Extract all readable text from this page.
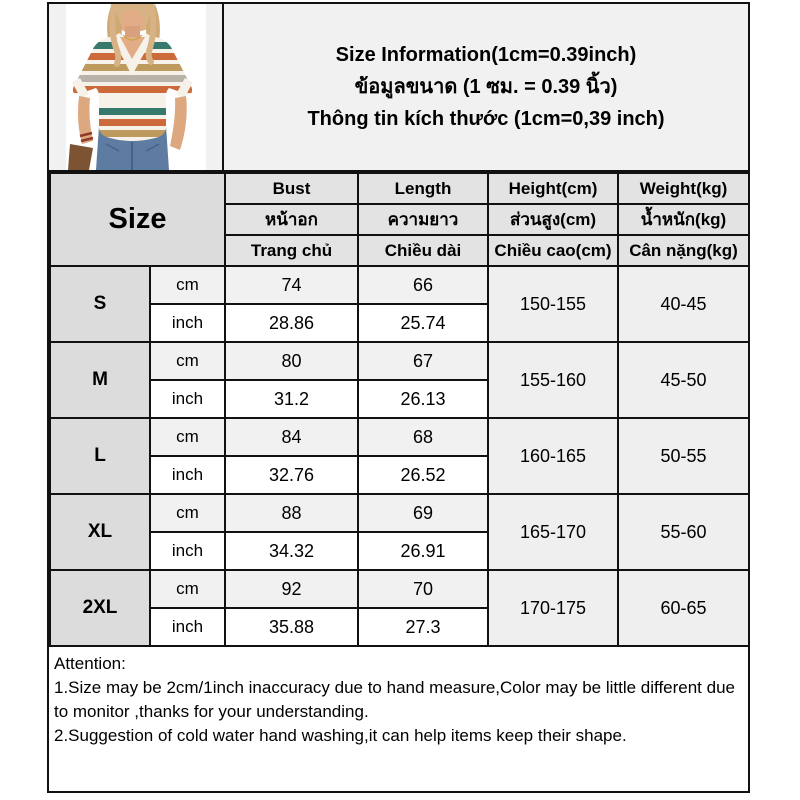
Size Information(1cm=0.39inch)
ข้อมูลขนาด (1 ซม. = 0.39 นิ้ว)
Thông tin kích thước (1cm=0,39 inch)
Size		Bust	Length	Height(cm)	Weight(kg)
		หน้าอก	ความยาว	ส่วนสูง(cm)	น้ำหนัก(kg)
		Trang chủ	Chiều dài	Chiều cao(cm)	Cân nặng(kg)
S	cm	74	66	150-155	40-45
	inch	28.86	25.74		
M	cm	80	67	155-160	45-50
	inch	31.2	26.13		
L	cm	84	68	160-165	50-55
	inch	32.76	26.52		
XL	cm	88	69	165-170	55-60
	inch	34.32	26.91		
2XL	cm	92	70	170-175	60-65
	inch	35.88	27.3		
Attention:
1.Size may be 2cm/1inch inaccuracy due to hand measure,Color may be little different due to monitor ,thanks for your understanding.
2.Suggestion of cold water hand washing,it can help items keep their shape.
